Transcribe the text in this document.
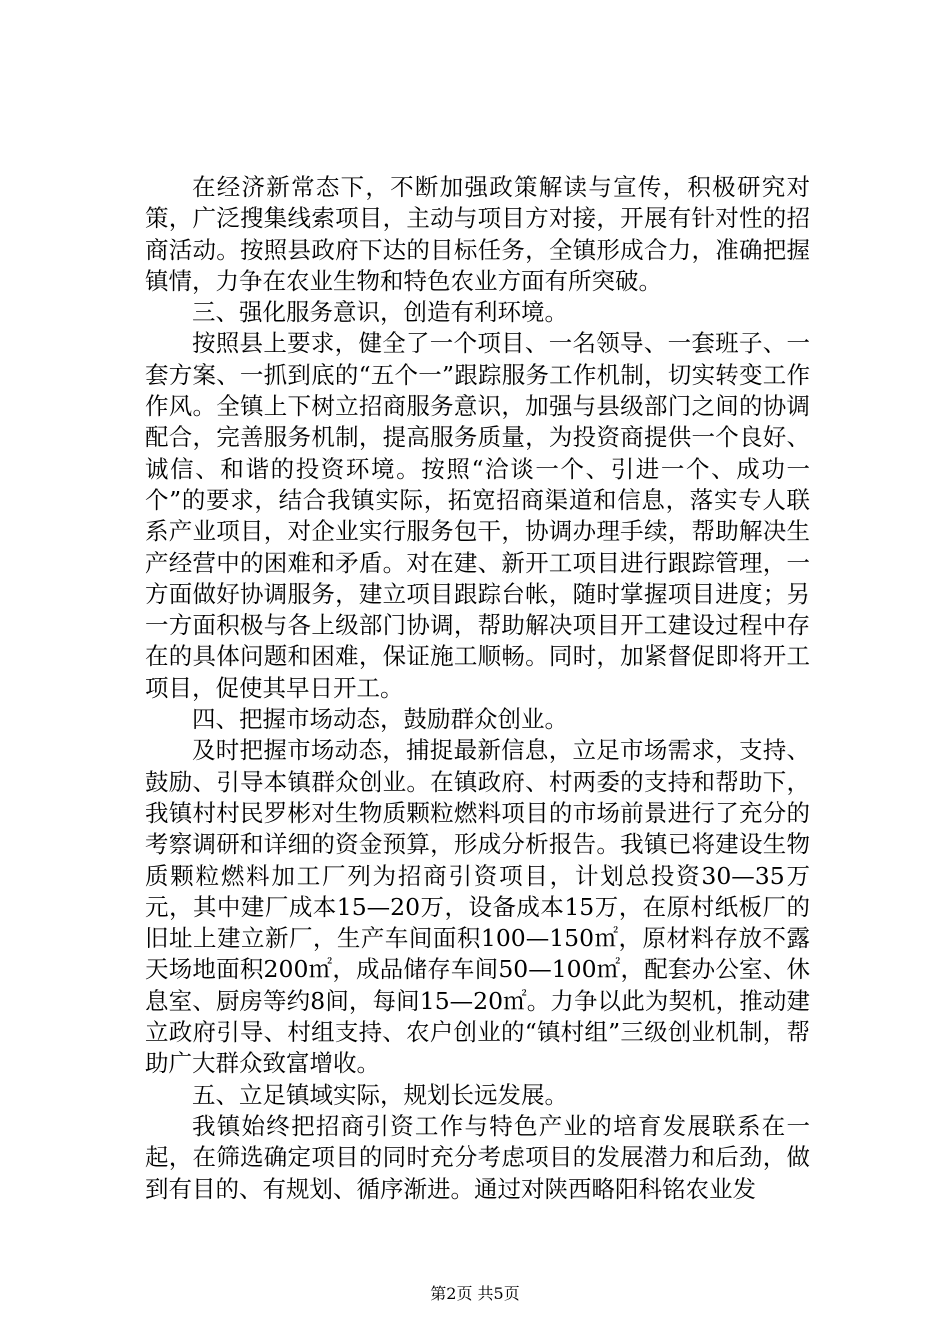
在经济新常态下，不断加强政策解读与宣传，积极研究对策，广泛搜集线索项目，主动与项目方对接，开展有针对性的招商活动。按照县政府下达的目标任务，全镇形成合力，准确把握镇情，力争在农业生物和特色农业方面有所突破。

三、强化服务意识，创造有利环境。

按照县上要求，健全了一个项目、一名领导、一套班子、一套方案、一抓到底的“五个一”跟踪服务工作机制，切实转变工作作风。全镇上下树立招商服务意识，加强与县级部门之间的协调配合，完善服务机制，提高服务质量，为投资商提供一个良好、诚信、和谐的投资环境。按照“洽谈一个、引进一个、成功一个”的要求，结合我镇实际，拓宽招商渠道和信息，落实专人联系产业项目，对企业实行服务包干，协调办理手续，帮助解决生产经营中的困难和矛盾。对在建、新开工项目进行跟踪管理，一方面做好协调服务，建立项目跟踪台帐，随时掌握项目进度；另一方面积极与各上级部门协调，帮助解决项目开工建设过程中存在的具体问题和困难，保证施工顺畅。同时，加紧督促即将开工项目，促使其早日开工。

四、把握市场动态，鼓励群众创业。

及时把握市场动态，捕捉最新信息，立足市场需求，支持、鼓励、引导本镇群众创业。在镇政府、村两委的支持和帮助下，我镇村村民罗彬对生物质颗粒燃料项目的市场前景进行了充分的考察调研和详细的资金预算，形成分析报告。我镇已将建设生物质颗粒燃料加工厂列为招商引资项目，计划总投资30—35万元，其中建厂成本15—20万，设备成本15万，在原村纸板厂的旧址上建立新厂，生产车间面积100—150㎡，原材料存放不露天场地面积200㎡，成品储存车间50—100㎡，配套办公室、休息室、厨房等约8间，每间15—20㎡。力争以此为契机，推动建立政府引导、村组支持、农户创业的“镇村组”三级创业机制，帮助广大群众致富增收。

五、立足镇域实际，规划长远发展。

我镇始终把招商引资工作与特色产业的培育发展联系在一起，在筛选确定项目的同时充分考虑项目的发展潜力和后劲，做到有目的、有规划、循序渐进。通过对陕西略阳科铭农业发

第2页 共5页
